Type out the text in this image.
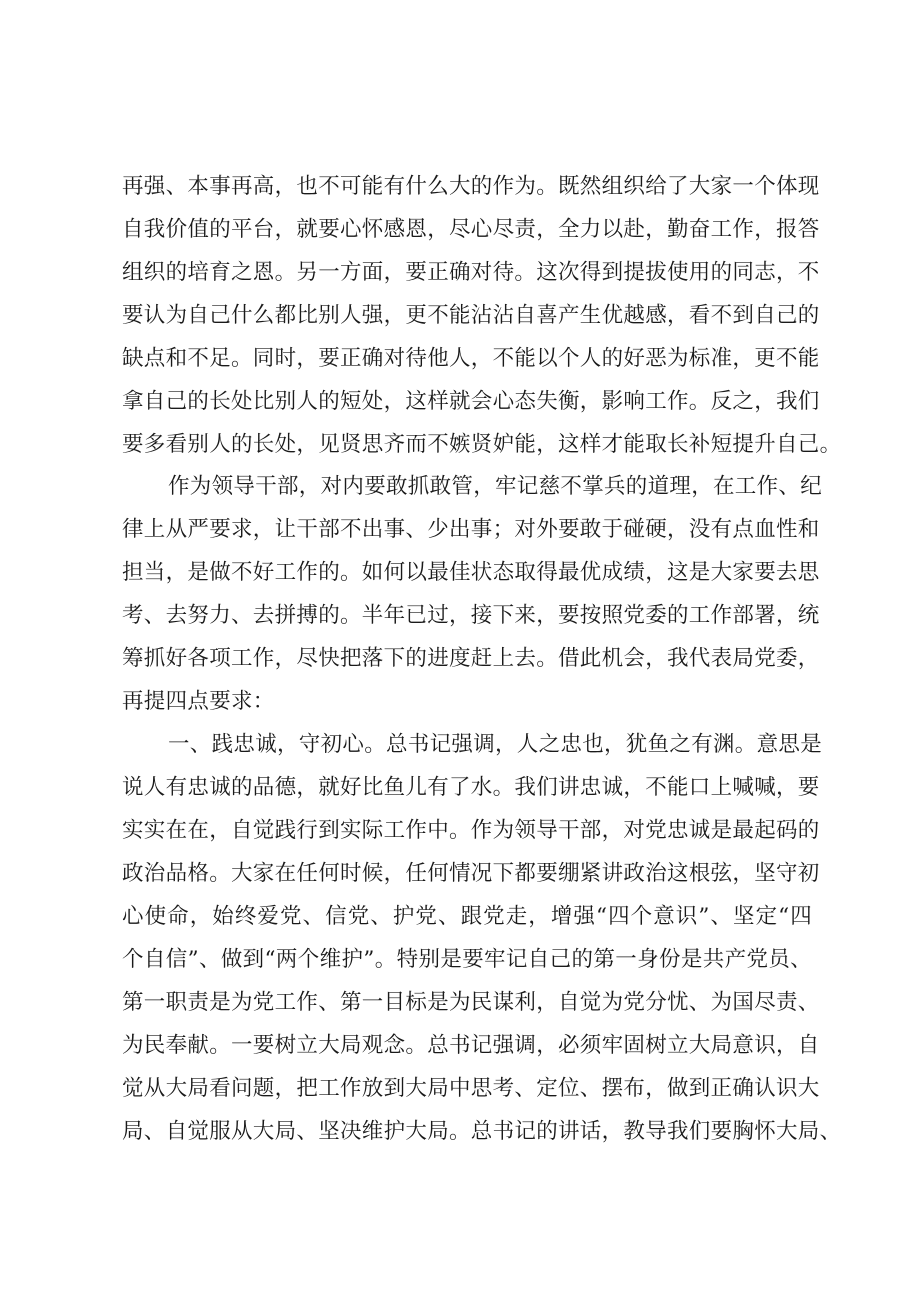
再强、本事再高，也不可能有什么大的作为。既然组织给了大家一个体现
自我价值的平台，就要心怀感恩，尽心尽责，全力以赴，勤奋工作，报答
组织的培育之恩。另一方面，要正确对待。这次得到提拔使用的同志，不
要认为自己什么都比别人强，更不能沾沾自喜产生优越感，看不到自己的
缺点和不足。同时，要正确对待他人，不能以个人的好恶为标准，更不能
拿自己的长处比别人的短处，这样就会心态失衡，影响工作。反之，我们
要多看别人的长处，见贤思齐而不嫉贤妒能，这样才能取长补短提升自己。
作为领导干部，对内要敢抓敢管，牢记慈不掌兵的道理，在工作、纪
律上从严要求，让干部不出事、少出事；对外要敢于碰硬，没有点血性和
担当，是做不好工作的。如何以最佳状态取得最优成绩，这是大家要去思
考、去努力、去拼搏的。半年已过，接下来，要按照党委的工作部署，统
筹抓好各项工作，尽快把落下的进度赶上去。借此机会，我代表局党委，
再提四点要求：
一、践忠诚，守初心。总书记强调，人之忠也，犹鱼之有渊。意思是
说人有忠诚的品德，就好比鱼儿有了水。我们讲忠诚，不能口上喊喊，要
实实在在，自觉践行到实际工作中。作为领导干部，对党忠诚是最起码的
政治品格。大家在任何时候，任何情况下都要绷紧讲政治这根弦，坚守初
心使命，始终爱党、信党、护党、跟党走，增强“四个意识”、坚定“四
个自信”、做到“两个维护”。特别是要牢记自己的第一身份是共产党员、
第一职责是为党工作、第一目标是为民谋利，自觉为党分忧、为国尽责、
为民奉献。一要树立大局观念。总书记强调，必须牢固树立大局意识，自
觉从大局看问题，把工作放到大局中思考、定位、摆布，做到正确认识大
局、自觉服从大局、坚决维护大局。总书记的讲话，教导我们要胸怀大局、
